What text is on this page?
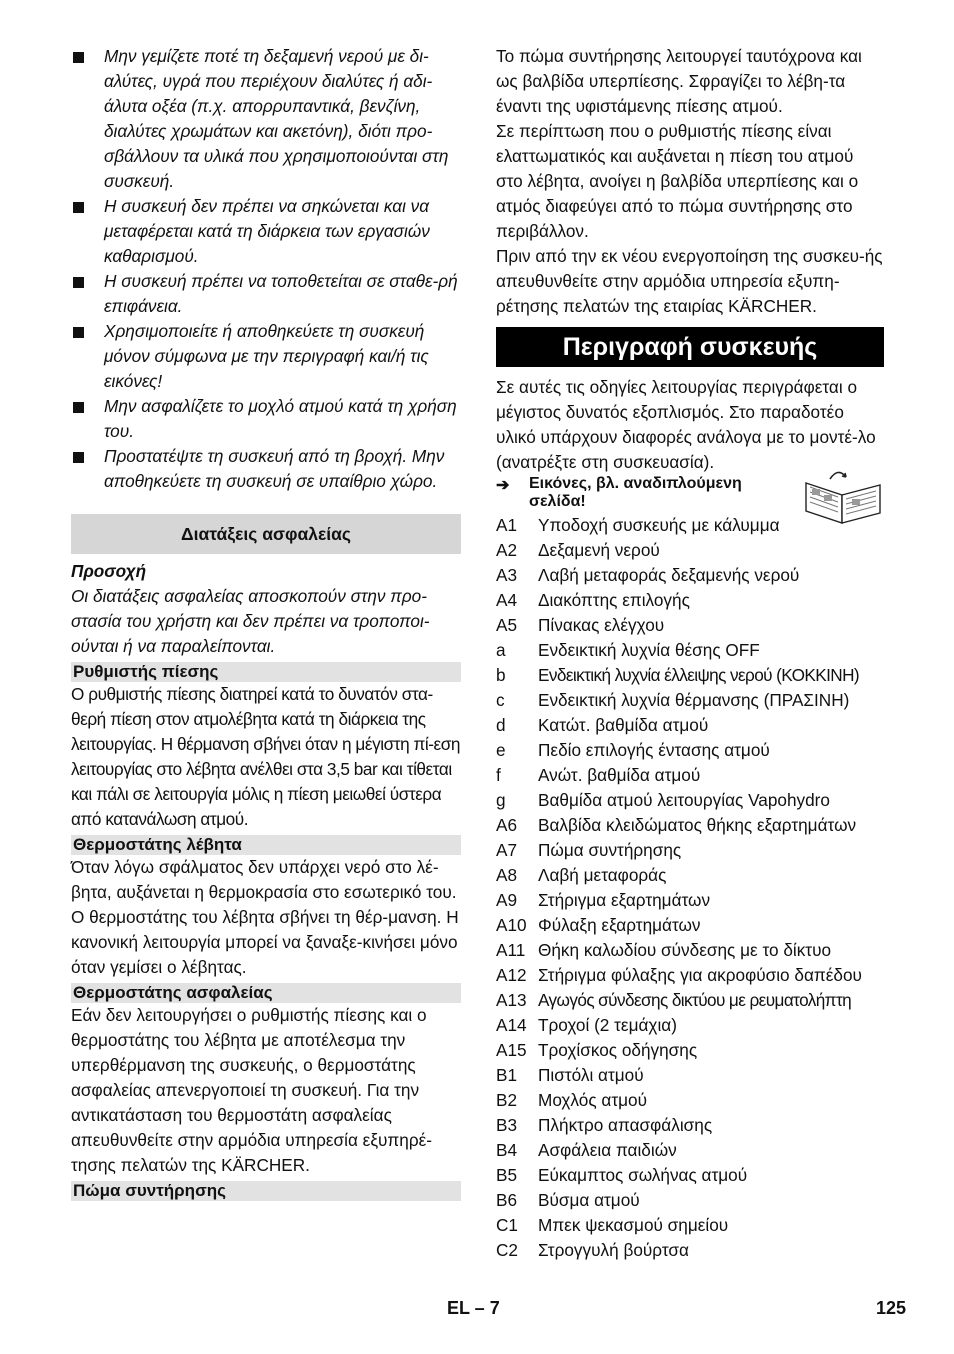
Μην γεμίζετε ποτέ τη δεξαμενή νερού με δι-αλύτες, υγρά που περιέχουν διαλύτες ή αδι-άλυτα οξέα (π.χ. απορρυπαντικά, βενζίνη, διαλύτες χρωμάτων και ακετόνη), διότι προ-σβάλλουν τα υλικά που χρησιμοποιούνται στη συσκευή.
Η συσκευή δεν πρέπει να σηκώνεται και να μεταφέρεται κατά τη διάρκεια των εργασιών καθαρισμού.
Η συσκευή πρέπει να τοποθετείται σε σταθε-ρή επιφάνεια.
Χρησιμοποιείτε ή αποθηκεύετε τη συσκευή μόνον σύμφωνα με την περιγραφή και/ή τις εικόνες!
Μην ασφαλίζετε το μοχλό ατμού κατά τη χρήση του.
Προστατέψτε τη συσκευή από τη βροχή. Μην αποθηκεύετε τη συσκευή σε υπαίθριο χώρο.
Διατάξεις ασφαλείας

Προσοχή

Οι διατάξεις ασφαλείας αποσκοπούν στην προ-στασία του χρήστη και δεν πρέπει να τροποποι-ούνται ή να παραλείπονται.

Ρυθμιστής πίεσης

Ο ρυθμιστής πίεσης διατηρεί κατά το δυνατόν στα-θερή πίεση στον ατμολέβητα κατά τη διάρκεια της λειτουργίας. Η θέρμανση σβήνει όταν η μέγιστη πί-εση λειτουργίας στο λέβητα ανέλθει στα 3,5 bar και τίθεται και πάλι σε λειτουργία μόλις η πίεση μειωθεί ύστερα από κατανάλωση ατμού.

Θερμοστάτης λέβητα

Όταν λόγω σφάλματος δεν υπάρχει νερό στο λέ-βητα, αυξάνεται η θερμοκρασία στο εσωτερικό του. Ο θερμοστάτης του λέβητα σβήνει τη θέρ-μανση. Η κανονική λειτουργία μπορεί να ξαναξε-κινήσει μόνο όταν γεμίσει ο λέβητας.

Θερμοστάτης ασφαλείας

Εάν δεν λειτουργήσει ο ρυθμιστής πίεσης και ο θερμοστάτης του λέβητα με αποτέλεσμα την υπερθέρμανση της συσκευής, ο θερμοστάτης ασφαλείας απενεργοποιεί τη συσκευή. Για την αντικατάσταση του θερμοστάτη ασφαλείας απευθυνθείτε στην αρμόδια υπηρεσία εξυπηρέ-τησης πελατών της KÄRCHER.

Πώμα συντήρησης

Το πώμα συντήρησης λειτουργεί ταυτόχρονα και ως βαλβίδα υπερπίεσης. Σφραγίζει το λέβη-τα έναντι της υφιστάμενης πίεσης ατμού.

Σε περίπτωση που ο ρυθμιστής πίεσης είναι ελαττωματικός και αυξάνεται η πίεση του ατμού στο λέβητα, ανοίγει η βαλβίδα υπερπίεσης και ο ατμός διαφεύγει από το πώμα συντήρησης στο περιβάλλον.

Πριν από την εκ νέου ενεργοποίηση της συσκευ-ής απευθυνθείτε στην αρμόδια υπηρεσία εξυπη-ρέτησης πελατών της εταιρίας KÄRCHER.

Περιγραφή συσκευής

Σε αυτές τις οδηγίες λειτουργίας περιγράφεται ο μέγιστος δυνατός εξοπλισμός. Στο παραδοτέο υλικό υπάρχουν διαφορές ανάλογα με το μοντέ-λο (ανατρέξτε στη συσκευασία).

➔ Εικόνες, βλ. αναδιπλούμενη σελίδα!
A1	Υποδοχή συσκευής με κάλυμμα
A2	Δεξαμενή νερού
A3	Λαβή μεταφοράς δεξαμενής νερού
A4	Διακόπτης επιλογής
A5	Πίνακας ελέγχου
a	Ενδεικτική λυχνία θέσης OFF
b	Ενδεικτική λυχνία έλλειψης νερού (ΚΟΚΚΙΝΗ)
c	Ενδεικτική λυχνία θέρμανσης (ΠΡΑΣΙΝΗ)
d	Κατώτ. βαθμίδα ατμού
e	Πεδίο επιλογής έντασης ατμού
f	Ανώτ. βαθμίδα ατμού
g	Βαθμίδα ατμού λειτουργίας Vapohydro
A6	Βαλβίδα κλειδώματος θήκης εξαρτημάτων
A7	Πώμα συντήρησης
A8	Λαβή μεταφοράς
A9	Στήριγμα εξαρτημάτων
A10 Φύλαξη εξαρτημάτων
A11 Θήκη καλωδίου σύνδεσης με το δίκτυο
A12 Στήριγμα φύλαξης για ακροφύσιο δαπέδου
A13 Αγωγός σύνδεσης δικτύου με ρευματολήπτη
A14 Τροχοί (2 τεμάχια)
A15 Τροχίσκος οδήγησης
B1	Πιστόλι ατμού
B2	Μοχλός ατμού
B3	Πλήκτρο απασφάλισης
B4	Ασφάλεια παιδιών
B5	Εύκαμπτος σωλήνας ατμού
B6	Βύσμα ατμού
C1	Μπεκ ψεκασμού σημείου
C2	Στρογγυλή βούρτσα
EL – 7	125
